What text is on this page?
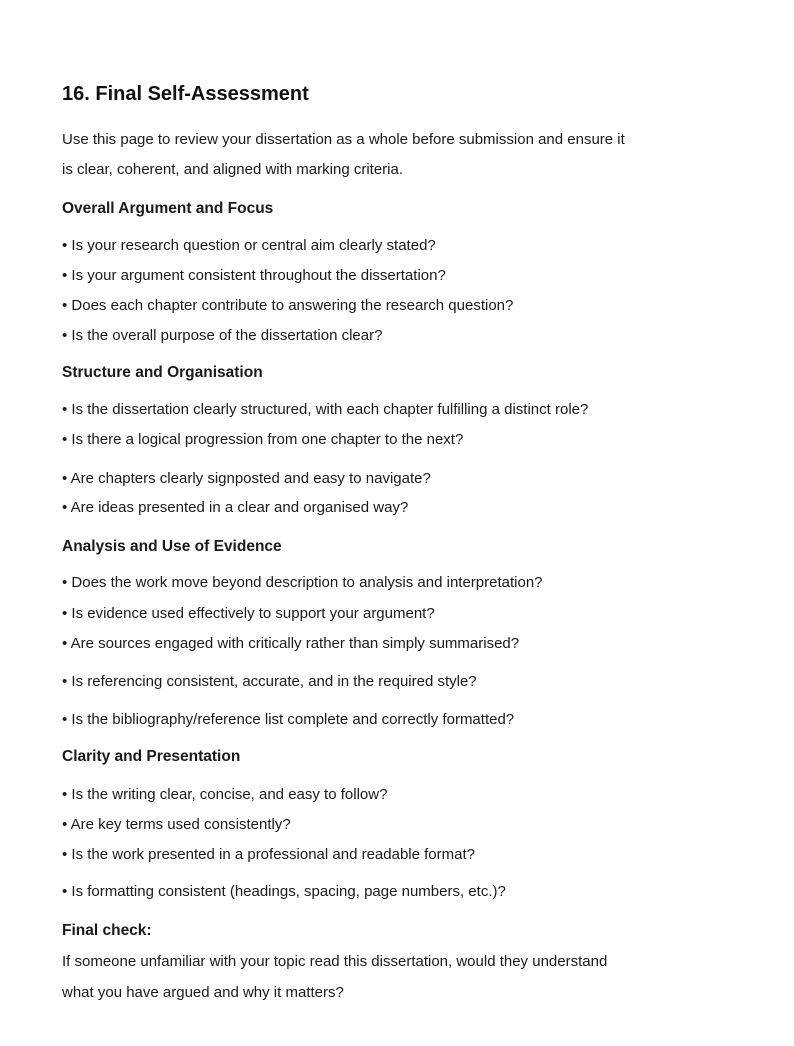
16. Final Self-Assessment
Use this page to review your dissertation as a whole before submission and ensure it
is clear, coherent, and aligned with marking criteria.
Overall Argument and Focus
• Is your research question or central aim clearly stated?
• Is your argument consistent throughout the dissertation?
• Does each chapter contribute to answering the research question?
• Is the overall purpose of the dissertation clear?
Structure and Organisation
• Is the dissertation clearly structured, with each chapter fulfilling a distinct role?
• Is there a logical progression from one chapter to the next?
• Are chapters clearly signposted and easy to navigate?
• Are ideas presented in a clear and organised way?
Analysis and Use of Evidence
• Does the work move beyond description to analysis and interpretation?
• Is evidence used effectively to support your argument?
• Are sources engaged with critically rather than simply summarised?
• Is referencing consistent, accurate, and in the required style?
• Is the bibliography/reference list complete and correctly formatted?
Clarity and Presentation
• Is the writing clear, concise, and easy to follow?
• Are key terms used consistently?
• Is the work presented in a professional and readable format?
• Is formatting consistent (headings, spacing, page numbers, etc.)?
Final check:
If someone unfamiliar with your topic read this dissertation, would they understand
what you have argued and why it matters?
